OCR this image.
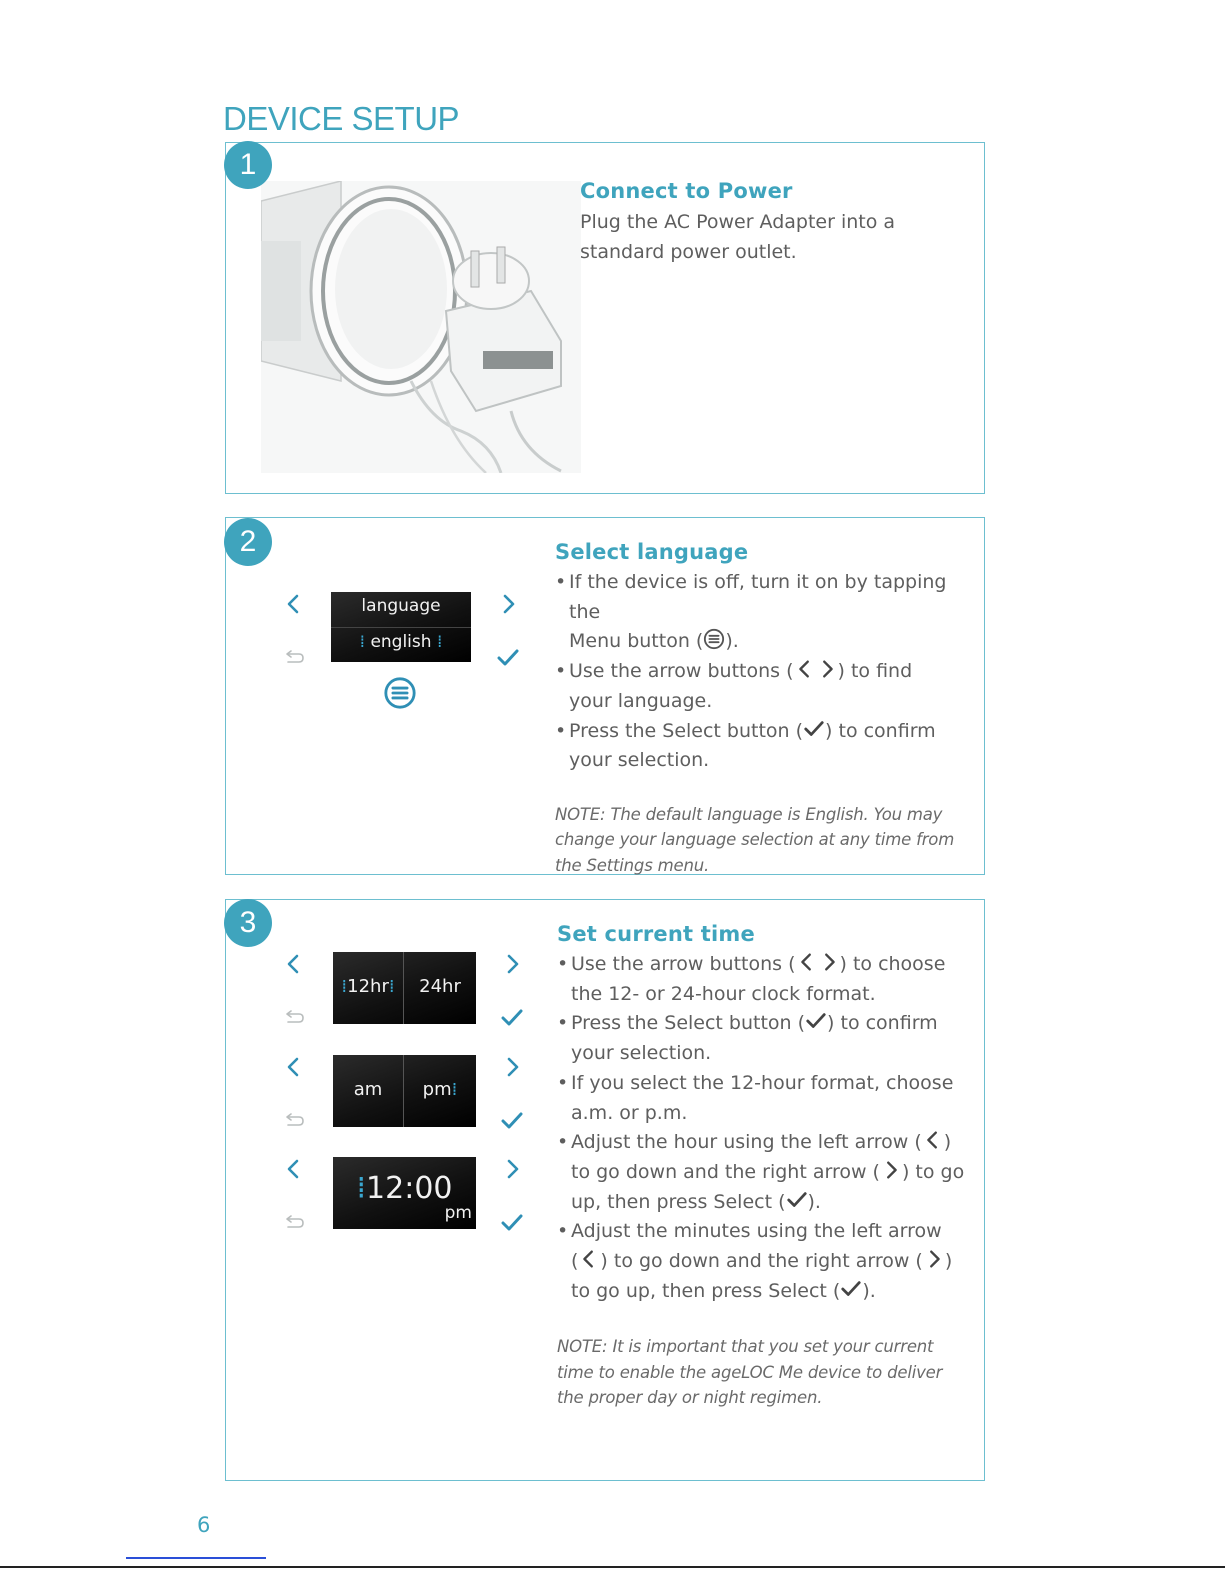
DEVICE SETUP
Connect to Power

Plug the AC Power Adapter into a

standard power outlet.

1
language
⁞ english ⁞
Select language
• If the device is off, turn it on by tapping the
Menu button ( ).
• Use the arrow buttons ( ) to find
your language.
• Press the Select button ( ) to confirm
your selection.

NOTE: The default language is English. You may

change your language selection at any time from

the Settings menu.

2
⁞12hr⁞	24hr
am	pm⁞
⁞12:00
pm
Set current time
• Use the arrow buttons ( ) to choose
the 12- or 24-hour clock format.
• Press the Select button ( ) to confirm
your selection.
• If you select the 12-hour format, choose
a.m. or p.m.
• Adjust the hour using the left arrow ( )
to go down and the right arrow ( ) to go
up, then press Select ( ).
• Adjust the minutes using the left arrow
( ) to go down and the right arrow ( )
to go up, then press Select ( ).

NOTE: It is important that you set your current

time to enable the ageLOC Me device to deliver

the proper day or night regimen.

3
6
